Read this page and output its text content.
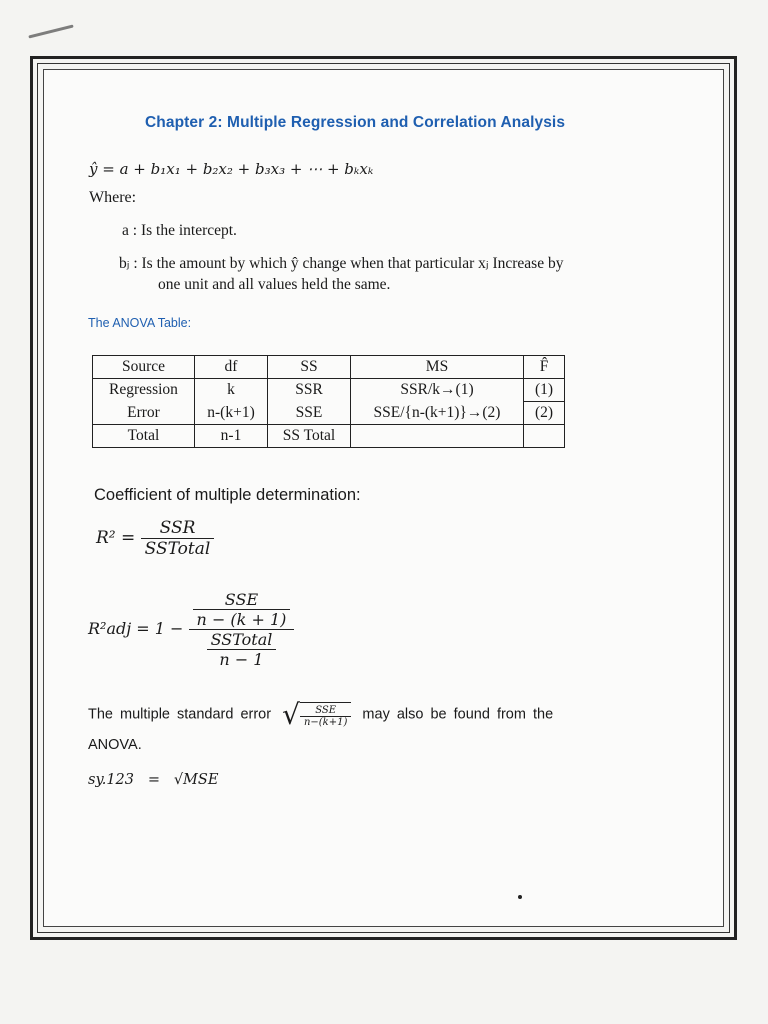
Chapter 2: Multiple Regression and Correlation Analysis
ŷ = a + b₁x₁ + b₂x₂ + b₃x₃ + ⋯ + bₖxₖ
Where:
a : Is the intercept.
bⱼ : Is the amount by which ŷ change when that particular xⱼ Increase by
one unit and all values held the same.
The ANOVA Table:
Source	df	SS	MS	F̂
Regression	k	SSR	SSR/k→(1)	(1)
Error	n-(k+1)	SSE	SSE/{n-(k+1)}→(2)	(2)
Total	n-1	SS Total		
Coefficient of multiple determination:
$R^2 = \frac{\text{SSR}}{\text{SSTotal}}$
$R^2adj = 1 - \frac{\frac{\text{SSE}}{n - (k + 1)}}{\frac{\text{SSTotal}}{n - 1}}$
The multiple standard error √ $\frac{\text{SSE}}{n-(k+1)}$ may also be found from the
ANOVA.
sy.123 = √MSE
